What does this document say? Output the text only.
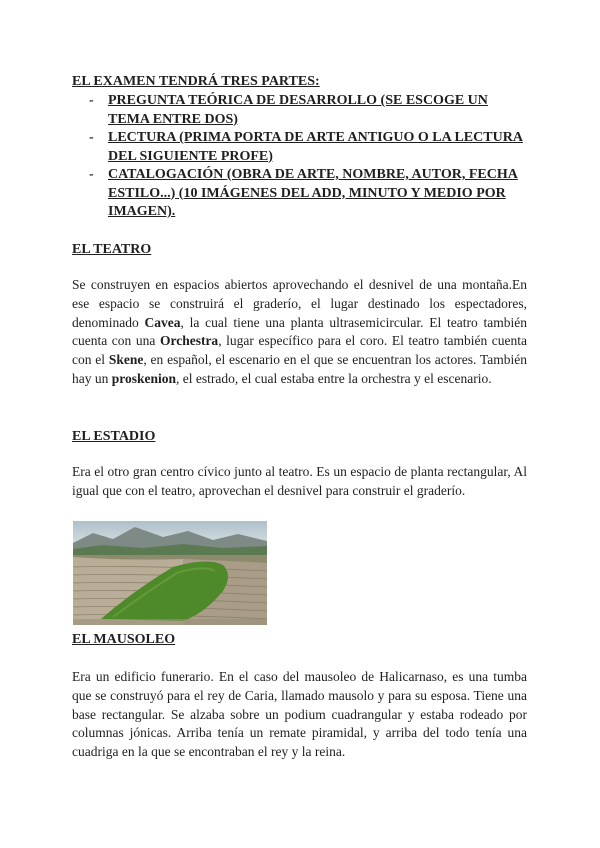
EL EXAMEN TENDRÁ TRES PARTES:
- PREGUNTA TEÓRICA DE DESARROLLO (SE ESCOGE UN TEMA ENTRE DOS)
- LECTURA (PRIMA PORTA DE ARTE ANTIGUO O LA LECTURA DEL SIGUIENTE PROFE)
- CATALOGACIÓN (OBRA DE ARTE, NOMBRE, AUTOR, FECHA ESTILO...) (10 IMÁGENES DEL ADD, MINUTO Y MEDIO POR IMAGEN).
EL TEATRO

Se construyen en espacios abiertos aprovechando el desnivel de una montaña.En ese espacio se construirá el graderío, el lugar destinado los espectadores, denominado Cavea, la cual tiene una planta ultrasemicircular. El teatro también cuenta con una Orchestra, lugar específico para el coro. El teatro también cuenta con el Skene, en español, el escenario en el que se encuentran los actores. También hay un proskenion, el estrado, el cual estaba entre la orchestra y el escenario.

EL ESTADIO

Era el otro gran centro cívico junto al teatro. Es un espacio de planta rectangular, Al igual que con el teatro, aprovechan el desnivel para construir el graderío.

EL MAUSOLEO

Era un edificio funerario. En el caso del mausoleo de Halicarnaso, es una tumba que se construyó para el rey de Caria, llamado mausolo y para su esposa. Tiene una base rectangular. Se alzaba sobre un podium cuadrangular y estaba rodeado por columnas jónicas. Arriba tenía un remate piramidal, y arriba del todo tenía una cuadriga en la que se encontraban el rey y la reina.
